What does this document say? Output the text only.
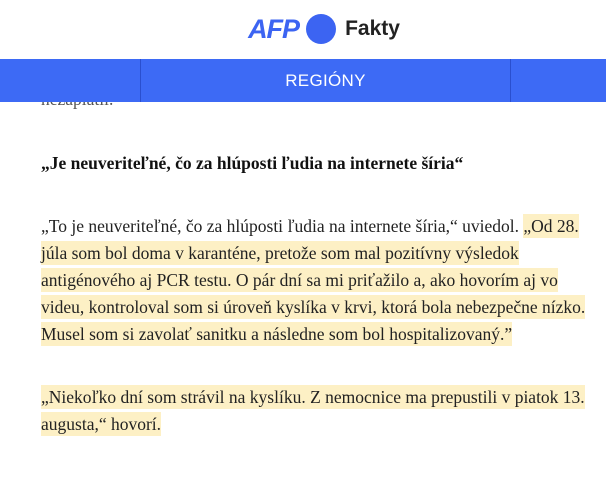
AFP Fakty
REGIÓNY

„Je neuveriteľné, čo za hlúposti ľudia na internete šíria“

„To je neuveriteľné, čo za hlúposti ľudia na internete šíria,“ uviedol. „Od 28. júla som bol doma v karanténe, pretože som mal pozitívny výsledok antigénového aj PCR testu. O pár dní sa mi priťažilo a, ako hovorím aj vo videu, kontroloval som si úroveň kyslíka v krvi, ktorá bola nebezpečne nízko. Musel som si zavolať sanitku a následne som bol hospitalizovaný.”

„Niekoľko dní som strávil na kyslíku. Z nemocnice ma prepustili v piatok 13. augusta,“ hovorí.
